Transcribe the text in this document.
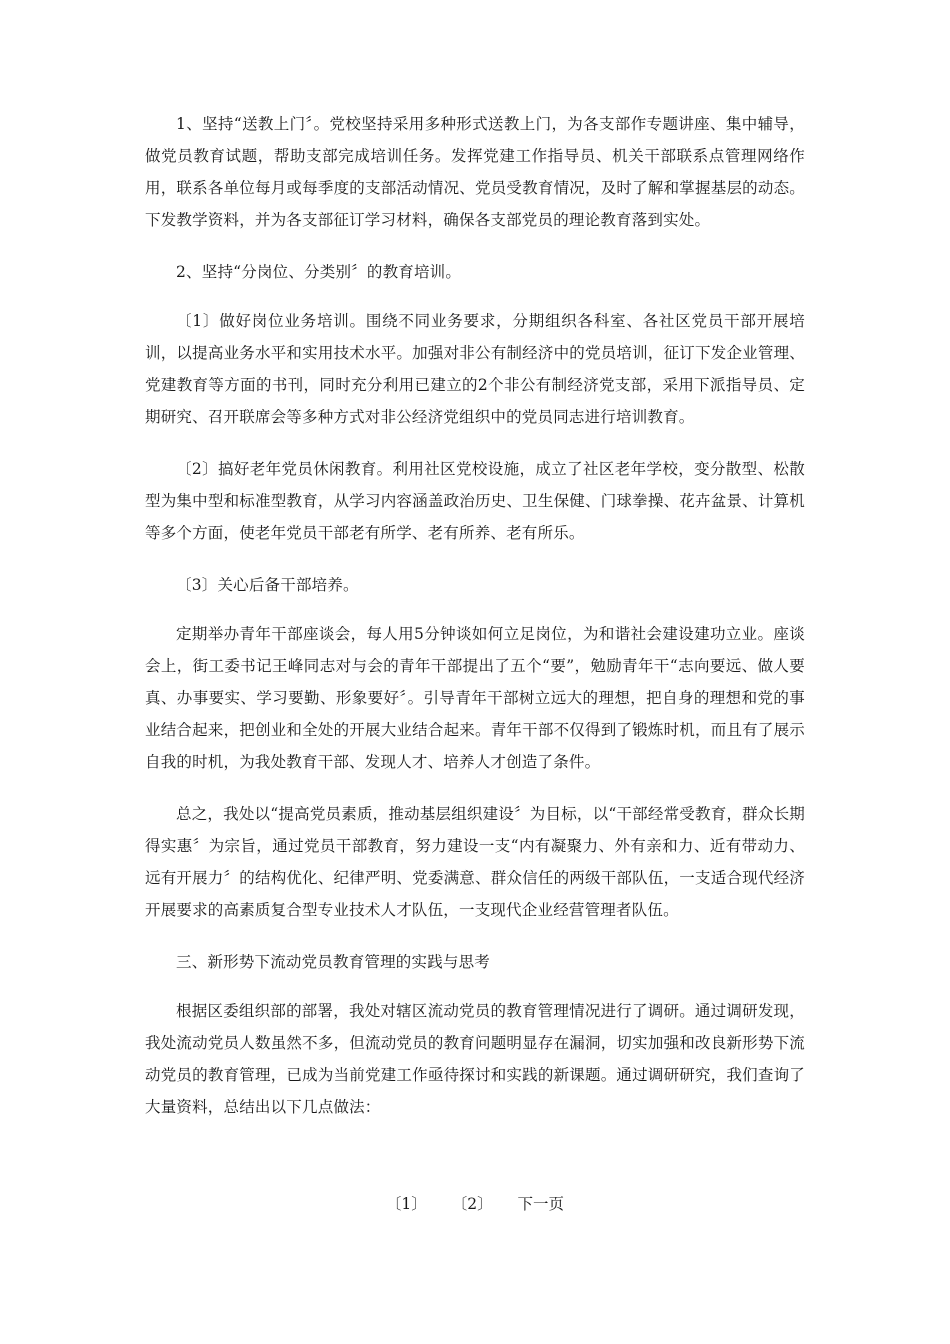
1、坚持“送教上门〞。党校坚持采用多种形式送教上门，为各支部作专题讲座、集中辅导，做党员教育试题，帮助支部完成培训任务。发挥党建工作指导员、机关干部联系点管理网络作用，联系各单位每月或每季度的支部活动情况、党员受教育情况，及时了解和掌握基层的动态。下发教学资料，并为各支部征订学习材料，确保各支部党员的理论教育落到实处。

2、坚持“分岗位、分类别〞的教育培训。

〔1〕做好岗位业务培训。围绕不同业务要求，分期组织各科室、各社区党员干部开展培训，以提高业务水平和实用技术水平。加强对非公有制经济中的党员培训，征订下发企业管理、党建教育等方面的书刊，同时充分利用已建立的2个非公有制经济党支部，采用下派指导员、定期研究、召开联席会等多种方式对非公经济党组织中的党员同志进行培训教育。

〔2〕搞好老年党员休闲教育。利用社区党校设施，成立了社区老年学校，变分散型、松散型为集中型和标准型教育，从学习内容涵盖政治历史、卫生保健、门球拳操、花卉盆景、计算机等多个方面，使老年党员干部老有所学、老有所养、老有所乐。

〔3〕关心后备干部培养。

定期举办青年干部座谈会，每人用5分钟谈如何立足岗位，为和谐社会建设建功立业。座谈会上，街工委书记王峰同志对与会的青年干部提出了五个“要”，勉励青年干“志向要远、做人要真、办事要实、学习要勤、形象要好〞。引导青年干部树立远大的理想，把自身的理想和党的事业结合起来，把创业和全处的开展大业结合起来。青年干部不仅得到了锻炼时机，而且有了展示自我的时机，为我处教育干部、发现人才、培养人才创造了条件。

总之，我处以“提高党员素质，推动基层组织建设〞为目标，以“干部经常受教育，群众长期得实惠〞为宗旨，通过党员干部教育，努力建设一支“内有凝聚力、外有亲和力、近有带动力、远有开展力〞的结构优化、纪律严明、党委满意、群众信任的两级干部队伍，一支适合现代经济开展要求的高素质复合型专业技术人才队伍，一支现代企业经营管理者队伍。

三、新形势下流动党员教育管理的实践与思考

根据区委组织部的部署，我处对辖区流动党员的教育管理情况进行了调研。通过调研发现，我处流动党员人数虽然不多，但流动党员的教育问题明显存在漏洞，切实加强和改良新形势下流动党员的教育管理，已成为当前党建工作亟待探讨和实践的新课题。通过调研研究，我们查询了大量资料，总结出以下几点做法：

〔1〕 〔2〕 下一页
